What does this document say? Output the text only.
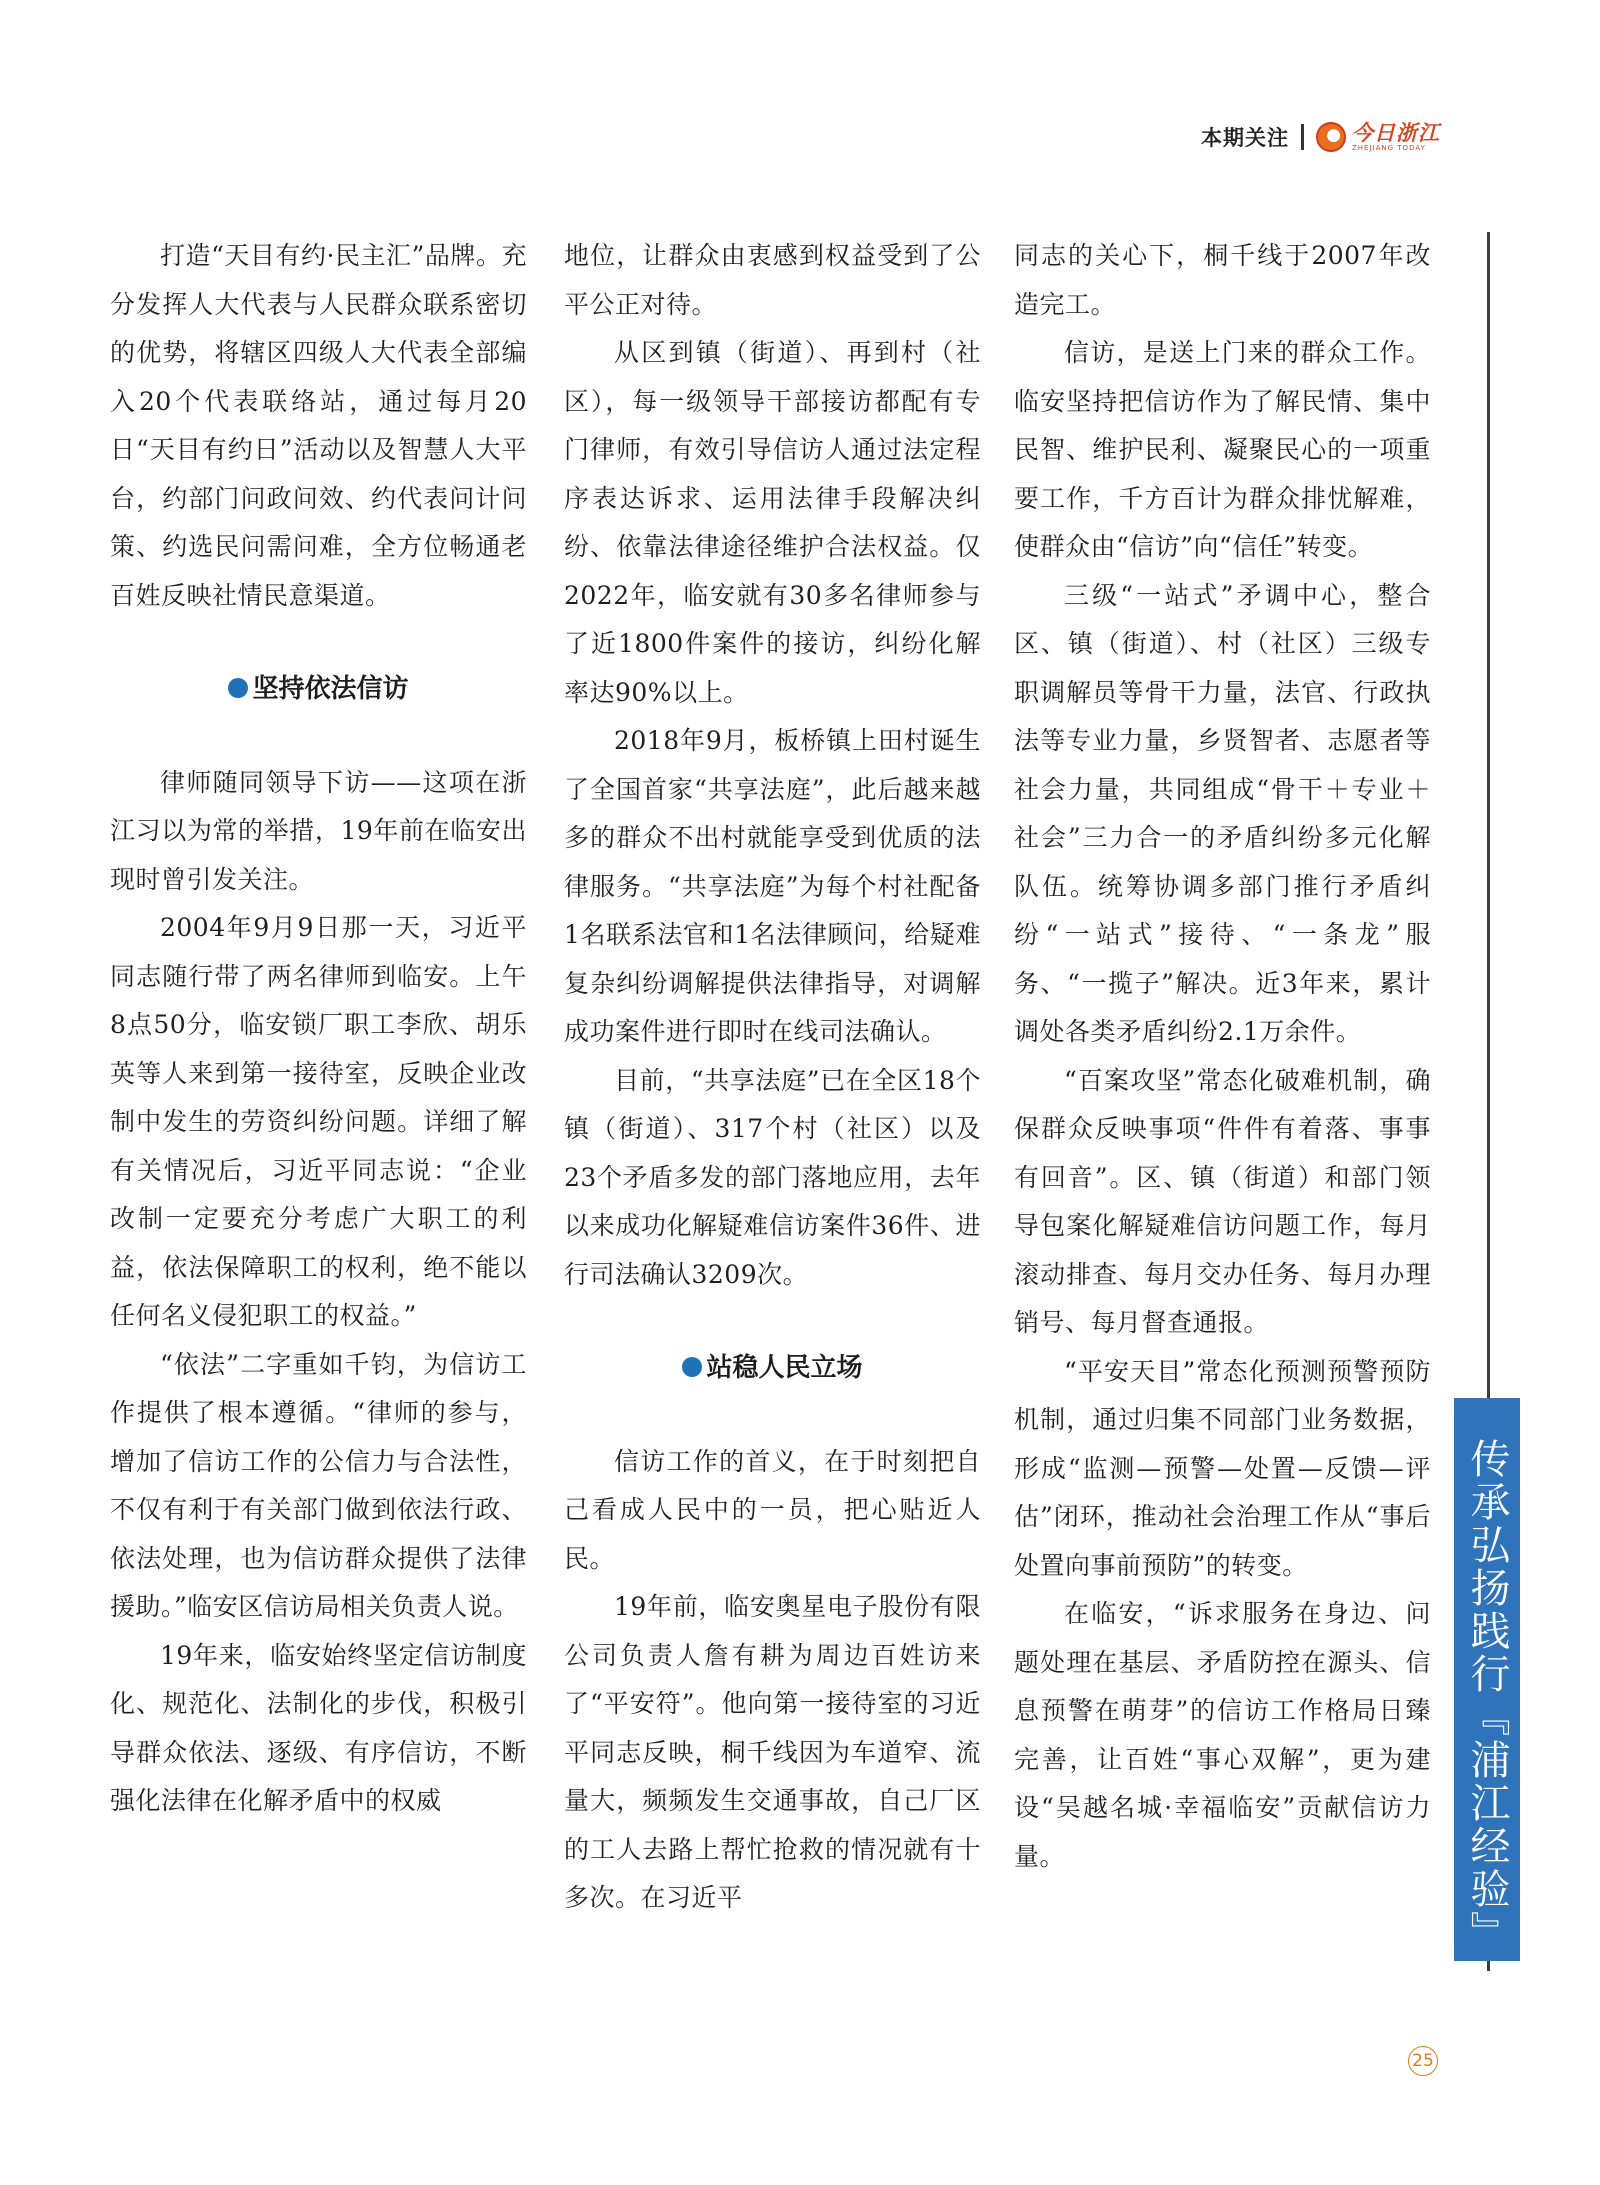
本期关注	今日浙江
ZHEJIANG TODAY

打造“天目有约·民主汇”品牌。充分发挥人大代表与人民群众联系密切的优势，将辖区四级人大代表全部编入20个代表联络站，通过每月20日“天目有约日”活动以及智慧人大平台，约部门问政问效、约代表问计问策、约选民问需问难，全方位畅通老百姓反映社情民意渠道。

坚持依法信访

律师随同领导下访——这项在浙江习以为常的举措，19年前在临安出现时曾引发关注。

2004年9月9日那一天，习近平同志随行带了两名律师到临安。上午8点50分，临安锁厂职工李欣、胡乐英等人来到第一接待室，反映企业改制中发生的劳资纠纷问题。详细了解有关情况后，习近平同志说：“企业改制一定要充分考虑广大职工的利益，依法保障职工的权利，绝不能以任何名义侵犯职工的权益。”

“依法”二字重如千钧，为信访工作提供了根本遵循。“律师的参与，增加了信访工作的公信力与合法性，不仅有利于有关部门做到依法行政、依法处理，也为信访群众提供了法律援助。”临安区信访局相关负责人说。

19年来，临安始终坚定信访制度化、规范化、法制化的步伐，积极引导群众依法、逐级、有序信访，不断强化法律在化解矛盾中的权威

地位，让群众由衷感到权益受到了公平公正对待。

从区到镇（街道）、再到村（社区），每一级领导干部接访都配有专门律师，有效引导信访人通过法定程序表达诉求、运用法律手段解决纠纷、依靠法律途径维护合法权益。仅2022年，临安就有30多名律师参与了近1800件案件的接访，纠纷化解率达90%以上。

2018年9月，板桥镇上田村诞生了全国首家“共享法庭”，此后越来越多的群众不出村就能享受到优质的法律服务。“共享法庭”为每个村社配备1名联系法官和1名法律顾问，给疑难复杂纠纷调解提供法律指导，对调解成功案件进行即时在线司法确认。

目前，“共享法庭”已在全区18个镇（街道）、317个村（社区）以及23个矛盾多发的部门落地应用，去年以来成功化解疑难信访案件36件、进行司法确认3209次。

站稳人民立场

信访工作的首义，在于时刻把自己看成人民中的一员，把心贴近人民。

19年前，临安奥星电子股份有限公司负责人詹有耕为周边百姓访来了“平安符”。他向第一接待室的习近平同志反映，桐千线因为车道窄、流量大，频频发生交通事故，自己厂区的工人去路上帮忙抢救的情况就有十多次。在习近平

同志的关心下，桐千线于2007年改造完工。

信访，是送上门来的群众工作。临安坚持把信访作为了解民情、集中民智、维护民利、凝聚民心的一项重要工作，千方百计为群众排忧解难，使群众由“信访”向“信任”转变。

三级“一站式”矛调中心，整合区、镇（街道）、村（社区）三级专职调解员等骨干力量，法官、行政执法等专业力量，乡贤智者、志愿者等社会力量，共同组成“骨干＋专业＋社会”三力合一的矛盾纠纷多元化解队伍。统筹协调多部门推行矛盾纠纷“一站式”接待、“一条龙”服务、“一揽子”解决。近3年来，累计调处各类矛盾纠纷2.1万余件。

“百案攻坚”常态化破难机制，确保群众反映事项“件件有着落、事事有回音”。区、镇（街道）和部门领导包案化解疑难信访问题工作，每月滚动排查、每月交办任务、每月办理销号、每月督查通报。

“平安天目”常态化预测预警预防机制，通过归集不同部门业务数据，形成“监测—预警—处置—反馈—评估”闭环，推动社会治理工作从“事后处置向事前预防”的转变。

在临安，“诉求服务在身边、问题处理在基层、矛盾防控在源头、信息预警在萌芽”的信访工作格局日臻完善，让百姓“事心双解”，更为建设“吴越名城·幸福临安”贡献信访力量。	传承弘扬践行『浦江经验』
25
